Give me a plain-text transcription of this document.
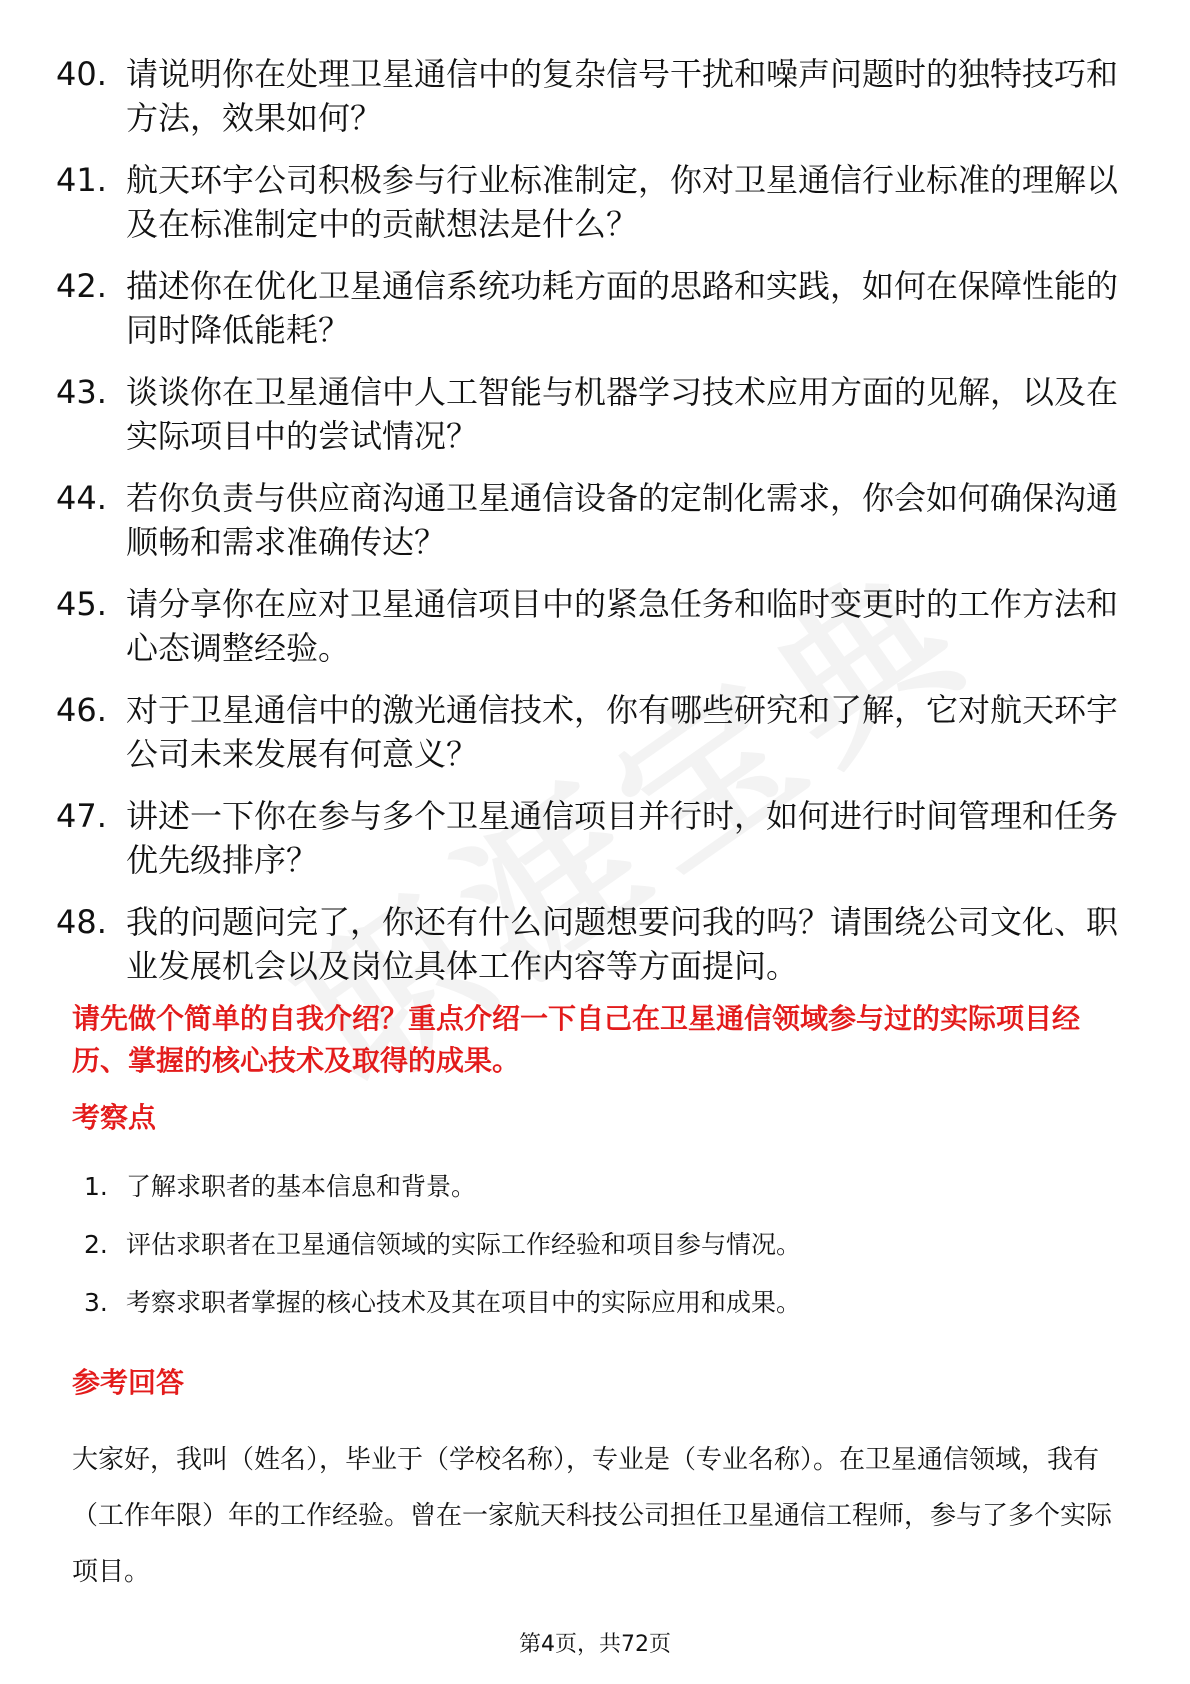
40. 请说明你在处理卫星通信中的复杂信号干扰和噪声问题时的独特技巧和方法，效果如何？
41. 航天环宇公司积极参与行业标准制定，你对卫星通信行业标准的理解以及在标准制定中的贡献想法是什么？
42. 描述你在优化卫星通信系统功耗方面的思路和实践，如何在保障性能的同时降低能耗？
43. 谈谈你在卫星通信中人工智能与机器学习技术应用方面的见解，以及在实际项目中的尝试情况？
44. 若你负责与供应商沟通卫星通信设备的定制化需求，你会如何确保沟通顺畅和需求准确传达？
45. 请分享你在应对卫星通信项目中的紧急任务和临时变更时的工作方法和心态调整经验。
46. 对于卫星通信中的激光通信技术，你有哪些研究和了解，它对航天环宇公司未来发展有何意义？
47. 讲述一下你在参与多个卫星通信项目并行时，如何进行时间管理和任务优先级排序？
48. 我的问题问完了，你还有什么问题想要问我的吗？请围绕公司文化、职业发展机会以及岗位具体工作内容等方面提问。

请先做个简单的自我介绍？重点介绍一下自己在卫星通信领域参与过的实际项目经历、掌握的核心技术及取得的成果。

考察点
1. 了解求职者的基本信息和背景。
2. 评估求职者在卫星通信领域的实际工作经验和项目参与情况。
3. 考察求职者掌握的核心技术及其在项目中的实际应用和成果。
参考回答

大家好，我叫（姓名），毕业于（学校名称），专业是（专业名称）。在卫星通信领域，我有（工作年限）年的工作经验。曾在一家航天科技公司担任卫星通信工程师，参与了多个实际项目。

第4页，共72页
